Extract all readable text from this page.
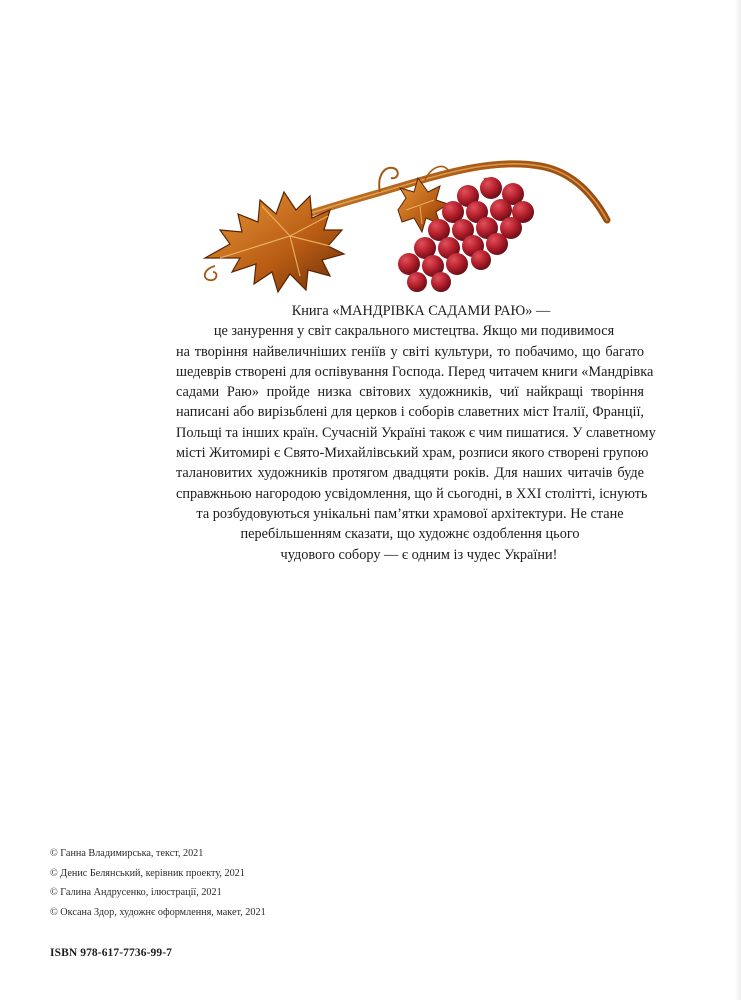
Книга «МАНДРІВКА САДАМИ РАЮ» —
це занурення у світ сакрального мистецтва. Якщо ми подивимося
на творіння найвеличніших геніїв у світі культури, то побачимо, що багато
шедеврів створені для оспівування Господа. Перед читачем книги «Мандрівка
садами Раю» пройде низка світових художників, чиї найкращі творіння
написані або вирізьблені для церков і соборів славетних міст Італії, Франції,
Польщі та інших країн. Сучасній Україні також є чим пишатися. У славетному
місті Житомирі є Свято-Михайлівський храм, розписи якого створені групою
талановитих художників протягом двадцяти років. Для наших читачів буде
справжньою нагородою усвідомлення, що й сьогодні, в ХХІ столітті, існують
та розбудовуються унікальні пам’ятки храмової архітектури. Не стане
перебільшенням сказати, що художнє оздоблення цього
чудового собору — є одним із чудес України!
© Ганна Владимирська, текст, 2021
© Денис Белянський, керівник проекту, 2021
© Галина Андрусенко, ілюстрації, 2021
© Оксана Здор, художнє оформлення, макет, 2021
ISBN 978-617-7736-99-7
